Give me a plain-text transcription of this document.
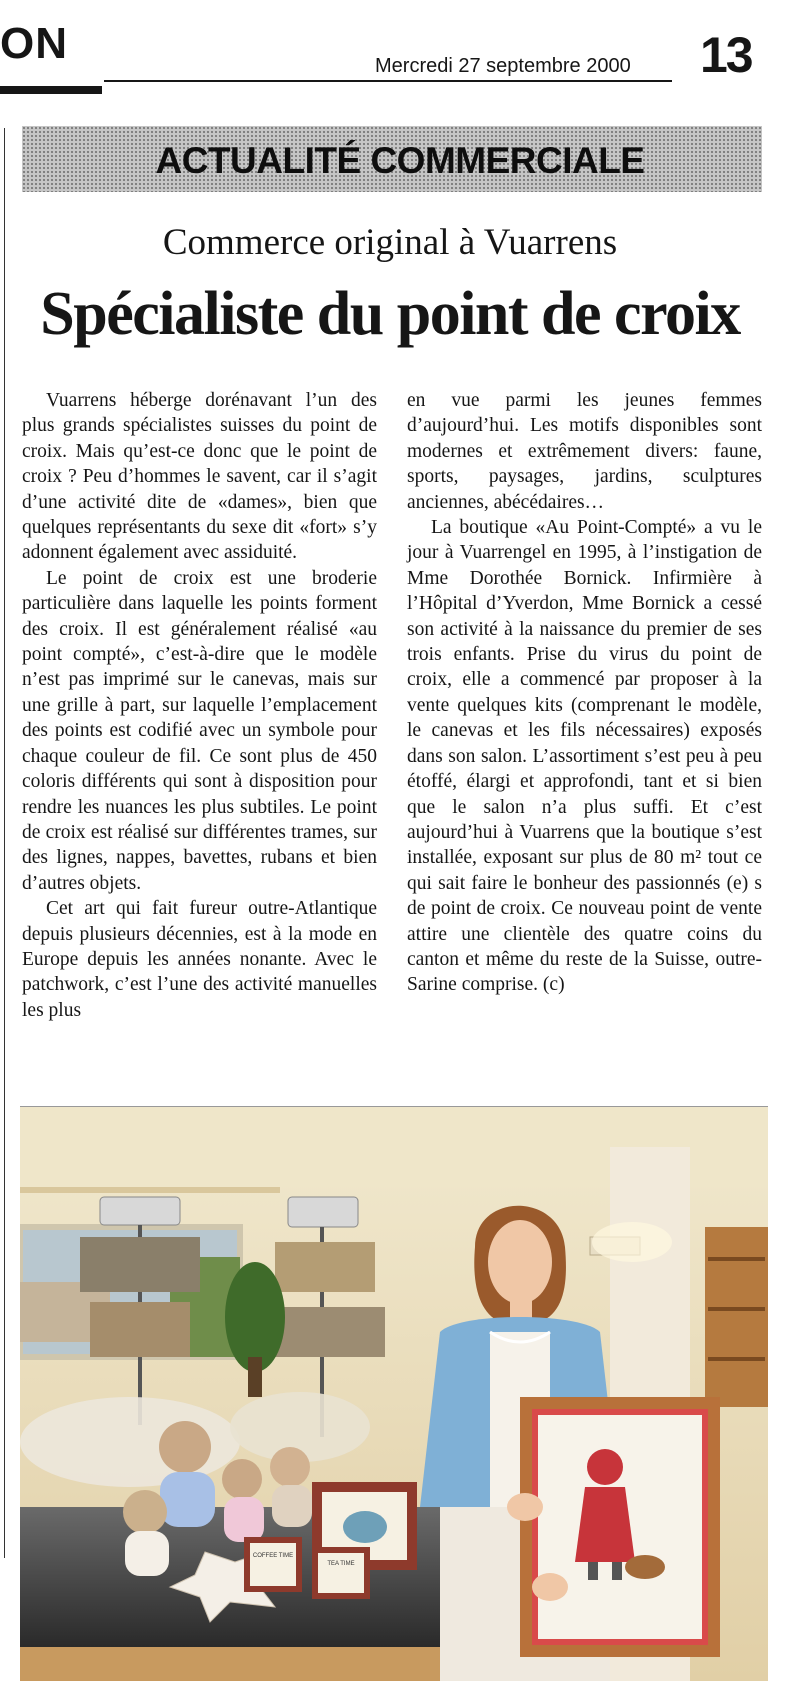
ON	Mercredi 27 septembre 2000 13
ACTUALITÉ COMMERCIALE
Commerce original à Vuarrens
Spécialiste du point de croix

Vuarrens héberge dorénavant l’un des plus grands spécialistes suisses du point de croix. Mais qu’est-ce donc que le point de croix ? Peu d’hommes le savent, car il s’agit d’une activité dite de «dames», bien que quelques représentants du sexe dit «fort» s’y adonnent également avec assiduité.

Le point de croix est une broderie particulière dans laquelle les points forment des croix. Il est généralement réalisé «au point compté», c’est-à-dire que le modèle n’est pas imprimé sur le canevas, mais sur une grille à part, sur laquelle l’emplacement des points est codifié avec un symbole pour chaque couleur de fil. Ce sont plus de 450 coloris différents qui sont à disposition pour rendre les nuances les plus subtiles. Le point de croix est réalisé sur différentes trames, sur des lignes, nappes, bavettes, rubans et bien d’autres objets.

Cet art qui fait fureur outre-Atlantique depuis plusieurs décennies, est à la mode en Europe depuis les années nonante. Avec le patchwork, c’est l’une des activité manuelles les plus

en vue parmi les jeunes femmes d’aujourd’hui. Les motifs disponibles sont modernes et extrêmement divers: faune, sports, paysages, jardins, sculptures anciennes, abécédaires…

La boutique «Au Point-Compté» a vu le jour à Vuarrengel en 1995, à l’instigation de Mme Dorothée Bornick. Infirmière à l’Hôpital d’Yverdon, Mme Bornick a cessé son activité à la naissance du premier de ses trois enfants. Prise du virus du point de croix, elle a commencé par proposer à la vente quelques kits (comprenant le modèle, le canevas et les fils nécessaires) exposés dans son salon. L’assortiment s’est peu à peu étoffé, élargi et approfondi, tant et si bien que le salon n’a plus suffi. Et c’est aujourd’hui à Vuarrens que la boutique s’est installée, exposant sur plus de 80 m² tout ce qui sait faire le bonheur des passionnés (e) s de point de croix. Ce nouveau point de vente attire une clientèle des quatre coins du canton et même du reste de la Suisse, outre-Sarine comprise. (c)

COFFEE TIME
TEA TIME
